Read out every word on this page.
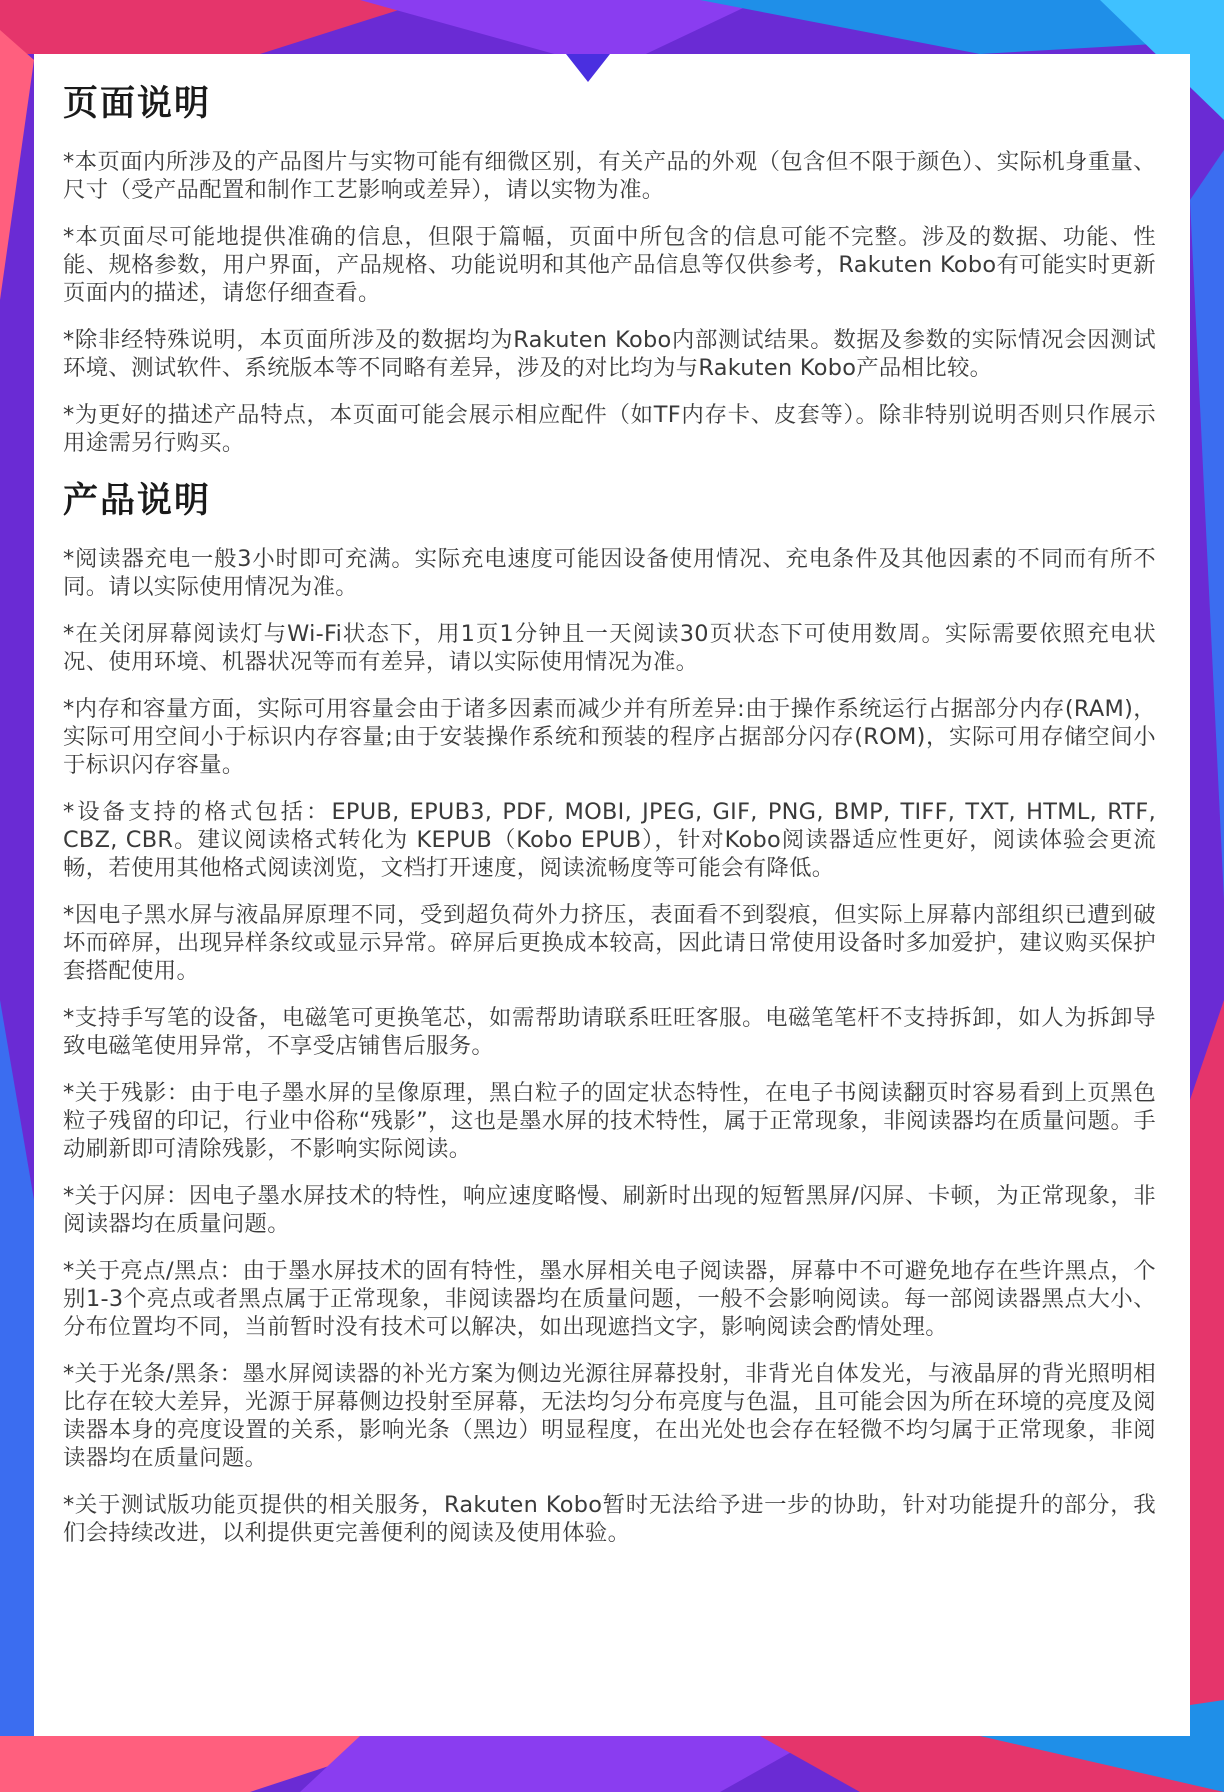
页面说明

*本页面内所涉及的产品图片与实物可能有细微区别，有关产品的外观（包含但不限于颜色）、实际机身重量、尺寸（受产品配置和制作工艺影响或差异），请以实物为准。

*本页面尽可能地提供准确的信息，但限于篇幅，页面中所包含的信息可能不完整。涉及的数据、功能、性能、规格参数，用户界面，产品规格、功能说明和其他产品信息等仅供参考，Rakuten Kobo有可能实时更新页面内的描述，请您仔细查看。

*除非经特殊说明，本页面所涉及的数据均为Rakuten Kobo内部测试结果。数据及参数的实际情况会因测试环境、测试软件、系统版本等不同略有差异，涉及的对比均为与Rakuten Kobo产品相比较。

*为更好的描述产品特点，本页面可能会展示相应配件（如TF内存卡、皮套等）。除非特别说明否则只作展示用途需另行购买。

产品说明

*阅读器充电一般3小时即可充满。实际充电速度可能因设备使用情况、充电条件及其他因素的不同而有所不同。请以实际使用情况为准。

*在关闭屏幕阅读灯与Wi-Fi状态下，用1页1分钟且一天阅读30页状态下可使用数周。实际需要依照充电状况、使用环境、机器状况等而有差异，请以实际使用情况为准。

*内存和容量方面，实际可用容量会由于诸多因素而减少并有所差异:由于操作系统运行占据部分内存(RAM)，实际可用空间小于标识内存容量;由于安装操作系统和预装的程序占据部分闪存(ROM)，实际可用存储空间小于标识闪存容量。

*设备支持的格式包括：EPUB, EPUB3, PDF, MOBI, JPEG, GIF, PNG, BMP, TIFF, TXT, HTML, RTF, CBZ, CBR。建议阅读格式转化为 KEPUB（Kobo EPUB），针对Kobo阅读器适应性更好，阅读体验会更流畅，若使用其他格式阅读浏览，文档打开速度，阅读流畅度等可能会有降低。

*因电子黑水屏与液晶屏原理不同，受到超负荷外力挤压，表面看不到裂痕，但实际上屏幕内部组织已遭到破坏而碎屏，出现异样条纹或显示异常。碎屏后更换成本较高，因此请日常使用设备时多加爱护，建议购买保护套搭配使用。

*支持手写笔的设备，电磁笔可更换笔芯，如需帮助请联系旺旺客服。电磁笔笔杆不支持拆卸，如人为拆卸导致电磁笔使用异常，不享受店铺售后服务。

*关于残影：由于电子墨水屏的呈像原理，黑白粒子的固定状态特性，在电子书阅读翻页时容易看到上页黑色粒子残留的印记，行业中俗称“残影”，这也是墨水屏的技术特性，属于正常现象，非阅读器均在质量问题。手动刷新即可清除残影，不影响实际阅读。

*关于闪屏：因电子墨水屏技术的特性，响应速度略慢、刷新时出现的短暂黑屏/闪屏、卡顿，为正常现象，非阅读器均在质量问题。

*关于亮点/黑点：由于墨水屏技术的固有特性，墨水屏相关电子阅读器，屏幕中不可避免地存在些许黑点，个别1-3个亮点或者黑点属于正常现象，非阅读器均在质量问题，一般不会影响阅读。每一部阅读器黑点大小、分布位置均不同，当前暂时没有技术可以解决，如出现遮挡文字，影响阅读会酌情处理。

*关于光条/黑条：墨水屏阅读器的补光方案为侧边光源往屏幕投射，非背光自体发光，与液晶屏的背光照明相比存在较大差异，光源于屏幕侧边投射至屏幕，无法均匀分布亮度与色温，且可能会因为所在环境的亮度及阅读器本身的亮度设置的关系，影响光条（黑边）明显程度，在出光处也会存在轻微不均匀属于正常现象，非阅读器均在质量问题。

*关于测试版功能页提供的相关服务，Rakuten Kobo暂时无法给予进一步的协助，针对功能提升的部分，我们会持续改进，以利提供更完善便利的阅读及使用体验。
